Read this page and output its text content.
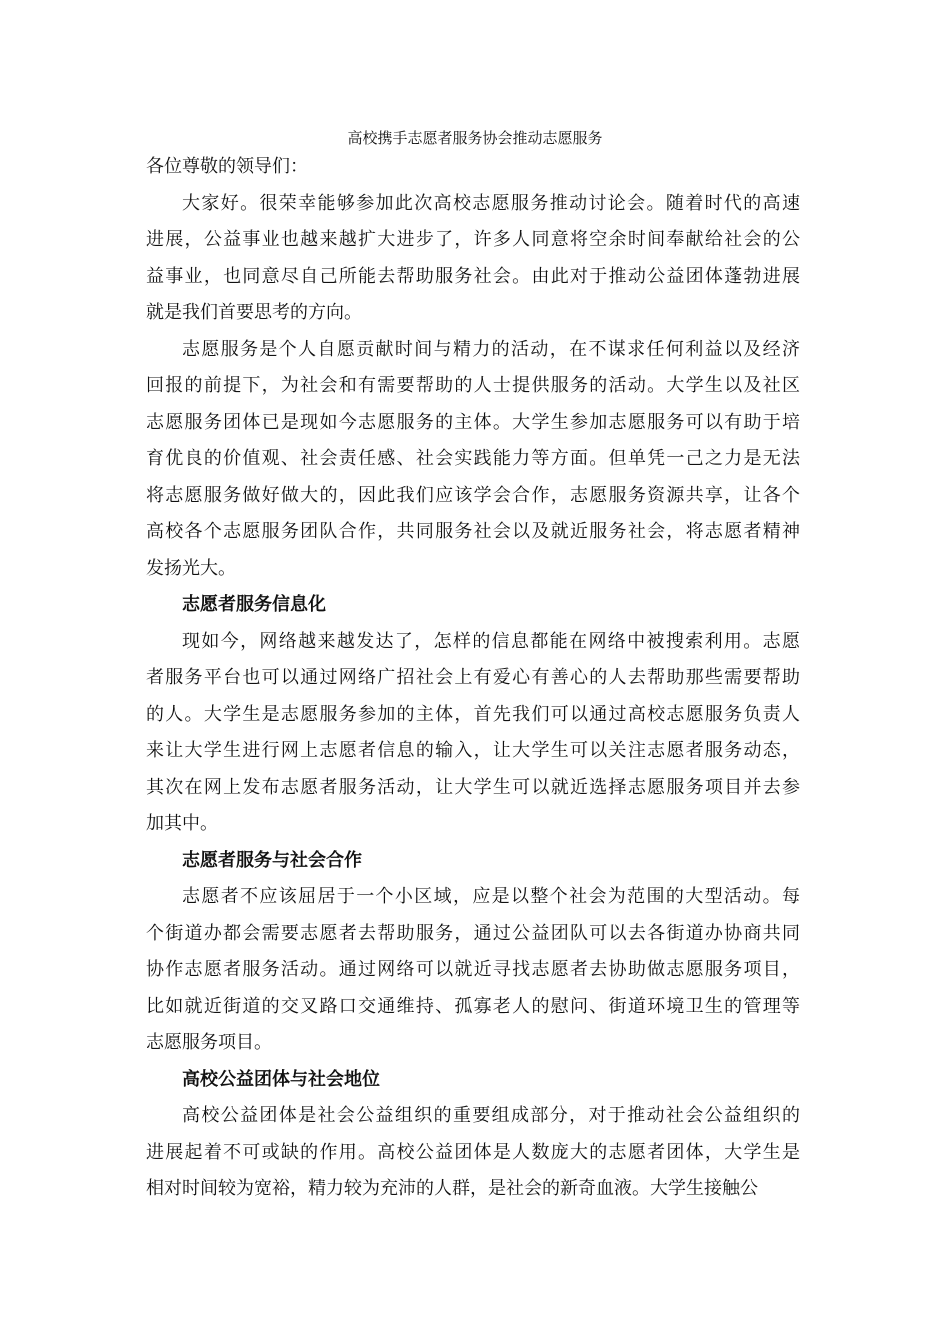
高校携手志愿者服务协会推动志愿服务
各位尊敬的领导们：
大家好。很荣幸能够参加此次高校志愿服务推动讨论会。随着时代的高速
进展，公益事业也越来越扩大进步了，许多人同意将空余时间奉献给社会的公
益事业，也同意尽自己所能去帮助服务社会。由此对于推动公益团体蓬勃进展
就是我们首要思考的方向。
志愿服务是个人自愿贡献时间与精力的活动，在不谋求任何利益以及经济
回报的前提下，为社会和有需要帮助的人士提供服务的活动。大学生以及社区
志愿服务团体已是现如今志愿服务的主体。大学生参加志愿服务可以有助于培
育优良的价值观、社会责任感、社会实践能力等方面。但单凭一己之力是无法
将志愿服务做好做大的，因此我们应该学会合作，志愿服务资源共享，让各个
高校各个志愿服务团队合作，共同服务社会以及就近服务社会，将志愿者精神
发扬光大。
志愿者服务信息化
现如今，网络越来越发达了，怎样的信息都能在网络中被搜索利用。志愿
者服务平台也可以通过网络广招社会上有爱心有善心的人去帮助那些需要帮助
的人。大学生是志愿服务参加的主体，首先我们可以通过高校志愿服务负责人
来让大学生进行网上志愿者信息的输入，让大学生可以关注志愿者服务动态，
其次在网上发布志愿者服务活动，让大学生可以就近选择志愿服务项目并去参
加其中。
志愿者服务与社会合作
志愿者不应该屈居于一个小区域，应是以整个社会为范围的大型活动。每
个街道办都会需要志愿者去帮助服务，通过公益团队可以去各街道办协商共同
协作志愿者服务活动。通过网络可以就近寻找志愿者去协助做志愿服务项目，
比如就近街道的交叉路口交通维持、孤寡老人的慰问、街道环境卫生的管理等
志愿服务项目。
高校公益团体与社会地位
高校公益团体是社会公益组织的重要组成部分，对于推动社会公益组织的
进展起着不可或缺的作用。高校公益团体是人数庞大的志愿者团体，大学生是
相对时间较为宽裕，精力较为充沛的人群，是社会的新奇血液。大学生接触公
